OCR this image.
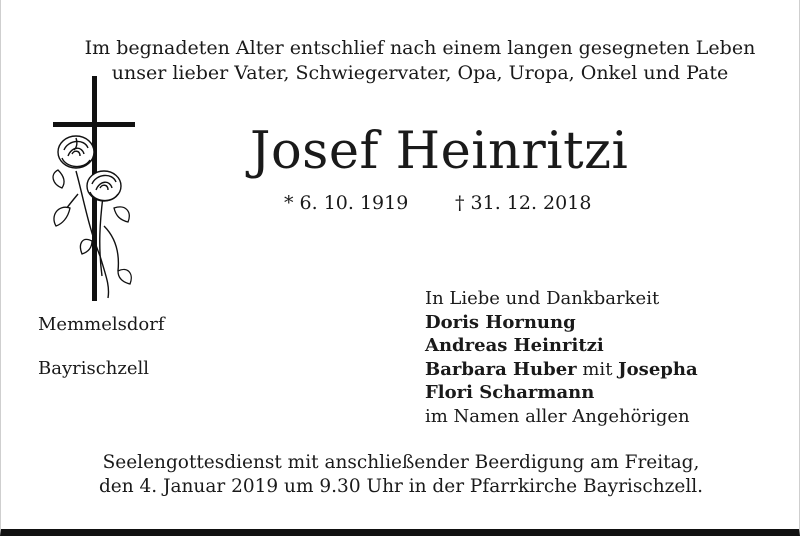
Im begnadeten Alter entschlief nach einem langen gesegneten Leben
unser lieber Vater, Schwiegervater, Opa, Uropa, Onkel und Pate
Josef Heinritzi
* 6. 10. 1919 † 31. 12. 2018
Memmelsdorf
Bayrischzell
In Liebe und Dankbarkeit
Doris Hornung
Andreas Heinritzi
Barbara Huber mit Josepha
Flori Scharmann
im Namen aller Angehörigen
Seelengottesdienst mit anschließender Beerdigung am Freitag,
den 4. Januar 2019 um 9.30 Uhr in der Pfarrkirche Bayrischzell.
